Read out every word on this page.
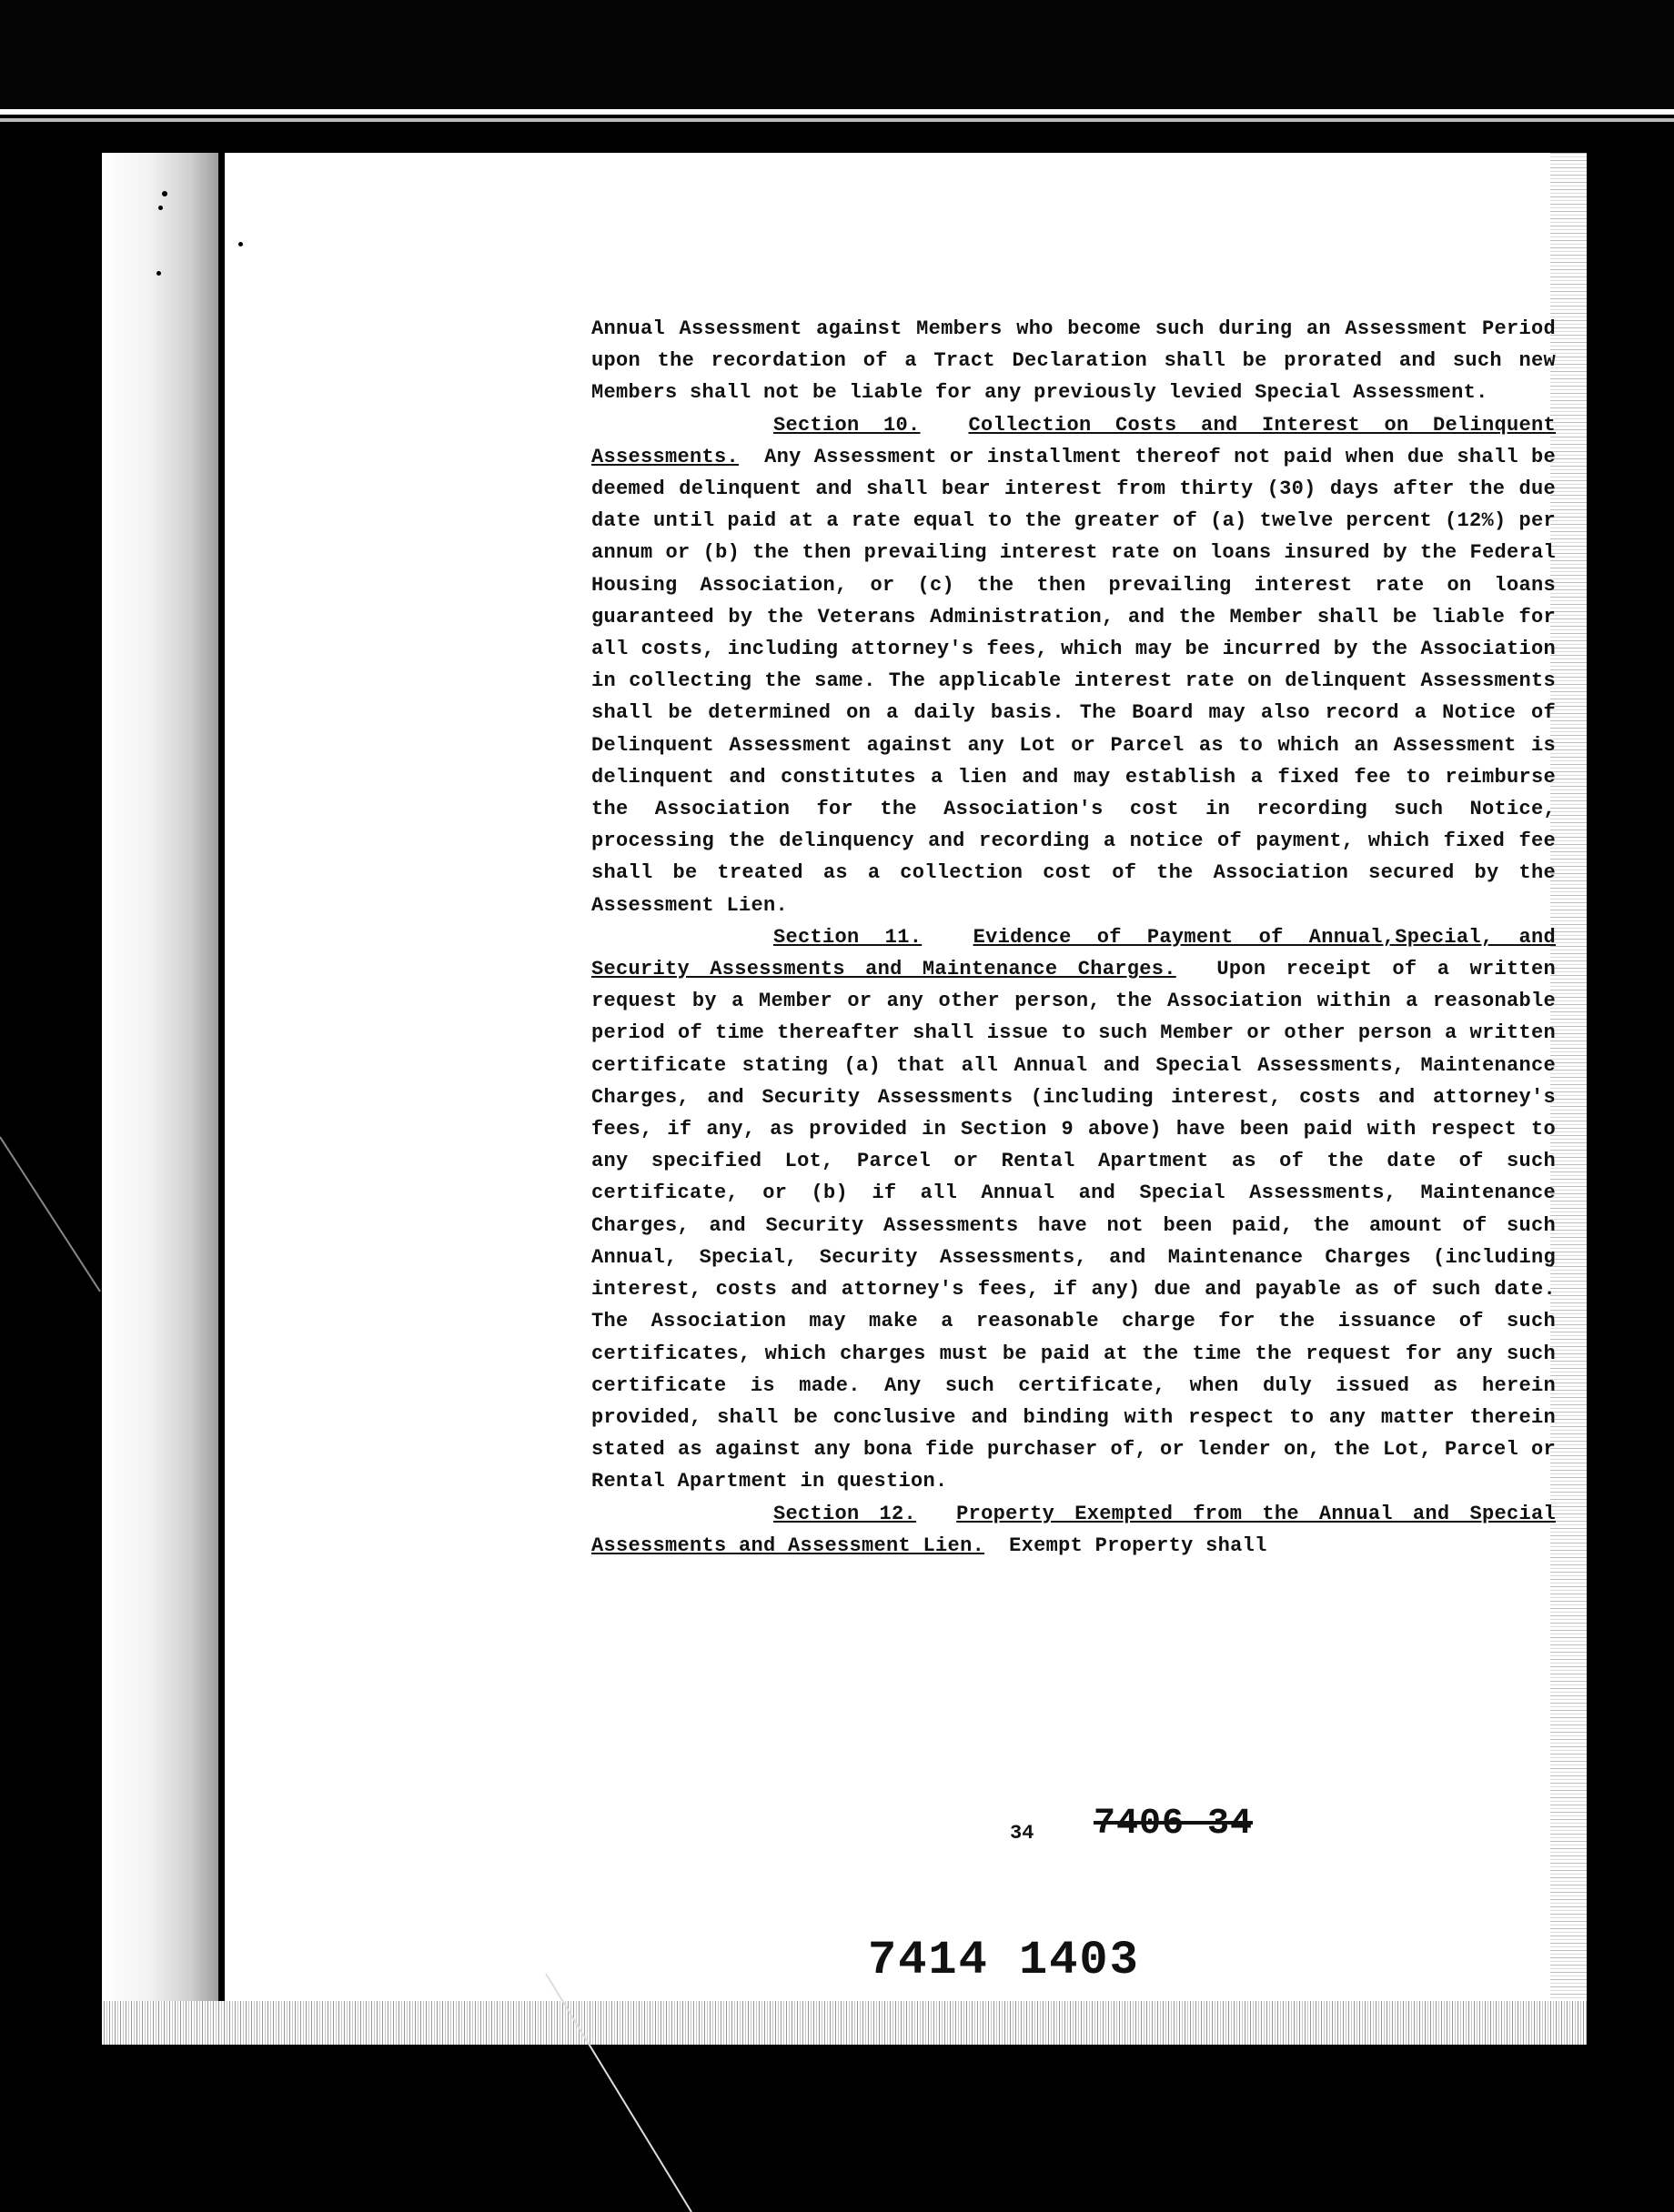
Annual Assessment against Members who become such during an Assessment Period upon the recordation of a Tract Declaration shall be prorated and such new Members shall not be liable for any previously levied Special Assessment.

Section 10. Collection Costs and Interest on Delinquent Assessments. Any Assessment or installment thereof not paid when due shall be deemed delinquent and shall bear interest from thirty (30) days after the due date until paid at a rate equal to the greater of (a) twelve percent (12%) per annum or (b) the then prevailing interest rate on loans insured by the Federal Housing Association, or (c) the then prevailing interest rate on loans guaranteed by the Veterans Administration, and the Member shall be liable for all costs, including attorney's fees, which may be incurred by the Association in collecting the same. The applicable interest rate on delinquent Assessments shall be determined on a daily basis. The Board may also record a Notice of Delinquent Assessment against any Lot or Parcel as to which an Assessment is delinquent and constitutes a lien and may establish a fixed fee to reimburse the Association for the Association's cost in recording such Notice, processing the delinquency and recording a notice of payment, which fixed fee shall be treated as a collection cost of the Association secured by the Assessment Lien.

Section 11.	Evidence of Payment of Annual,Special, and Security Assessments and Maintenance Charges. Upon receipt of a written request by a Member or any other person, the Association within a reasonable period of time thereafter shall issue to such Member or other person a written certificate stating (a) that all Annual and Special Assessments, Maintenance Charges, and Security Assessments (including interest, costs and attorney's fees, if any, as provided in Section 9 above) have been paid with respect to any specified Lot, Parcel or Rental Apartment as of the date of such certificate, or (b) if all Annual and Special Assessments, Maintenance Charges, and Security Assessments have not been paid, the amount of such Annual, Special, Security Assessments, and Maintenance Charges (including interest, costs and attorney's fees, if any) due and payable as of such date. The Association may make a reasonable charge for the issuance of such certificates, which charges must be paid at the time the request for any such certificate is made. Any such certificate, when duly issued as herein provided, shall be conclusive and binding with respect to any matter therein stated as against any bona fide purchaser of, or lender on, the Lot, Parcel or Rental Apartment in question.

Section 12. Property Exempted from the Annual and Special Assessments and Assessment Lien. Exempt Property shall

34 7406 34
7414 1403
